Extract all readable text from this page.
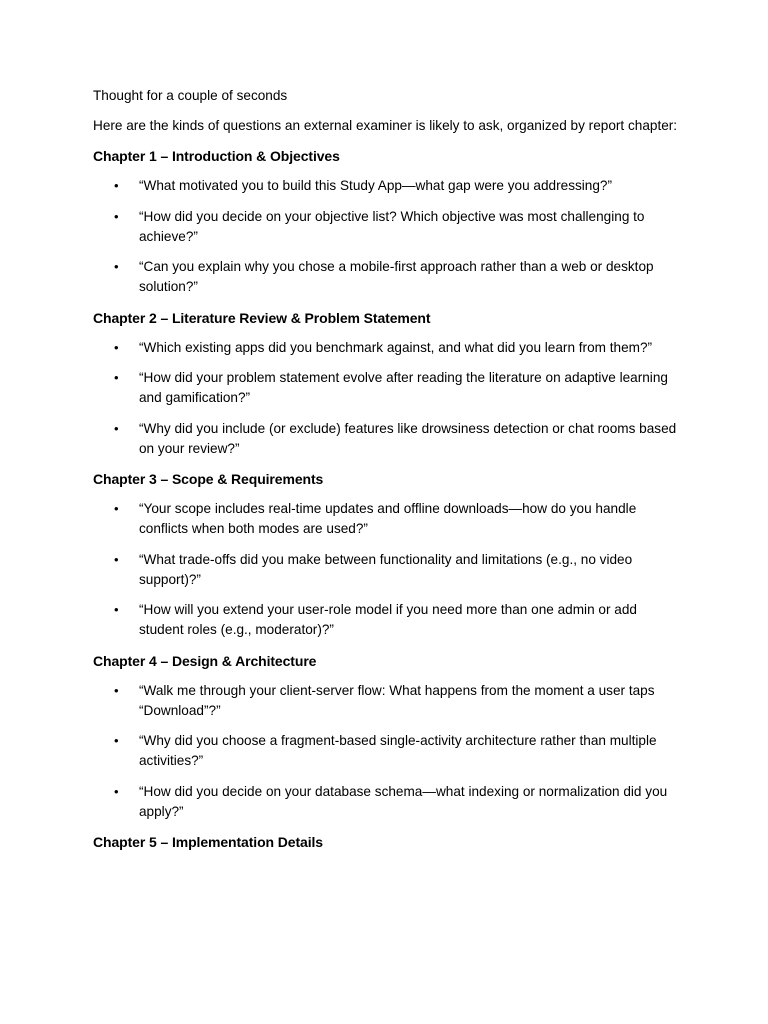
Thought for a couple of seconds

Here are the kinds of questions an external examiner is likely to ask, organized by report chapter:

Chapter 1 – Introduction & Objectives
• “What motivated you to build this Study App—what gap were you addressing?”
• “How did you decide on your objective list? Which objective was most challenging to achieve?”
• “Can you explain why you chose a mobile-first approach rather than a web or desktop solution?”
Chapter 2 – Literature Review & Problem Statement
• “Which existing apps did you benchmark against, and what did you learn from them?”
• “How did your problem statement evolve after reading the literature on adaptive learning and gamification?”
• “Why did you include (or exclude) features like drowsiness detection or chat rooms based on your review?”
Chapter 3 – Scope & Requirements
• “Your scope includes real-time updates and offline downloads—how do you handle conflicts when both modes are used?”
• “What trade-offs did you make between functionality and limitations (e.g., no video support)?”
• “How will you extend your user-role model if you need more than one admin or add student roles (e.g., moderator)?”
Chapter 4 – Design & Architecture
• “Walk me through your client-server flow: What happens from the moment a user taps “Download”?”
• “Why did you choose a fragment-based single-activity architecture rather than multiple activities?”
• “How did you decide on your database schema—what indexing or normalization did you apply?”
Chapter 5 – Implementation Details
